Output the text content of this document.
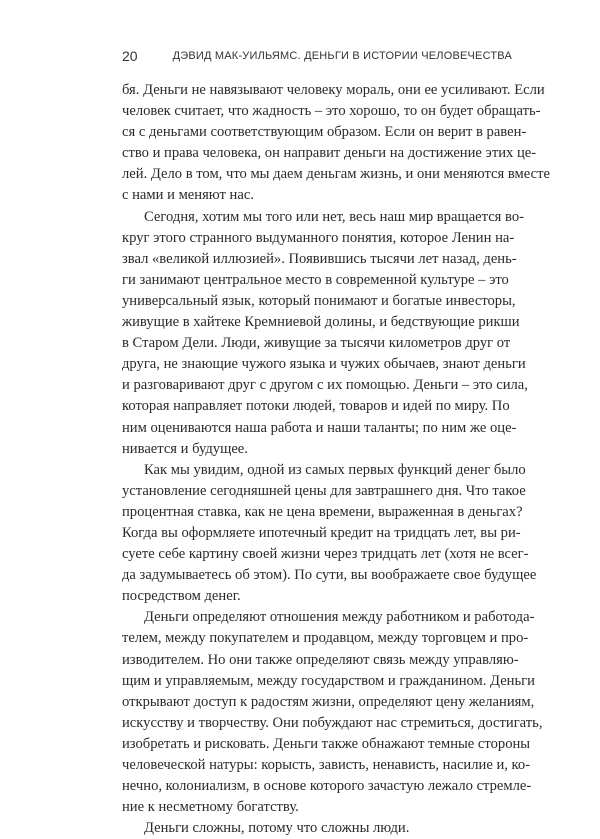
20	ДЭВИД МАК-УИЛЬЯМС. ДЕНЬГИ В ИСТОРИИ ЧЕЛОВЕЧЕСТВА
бя. Деньги не навязывают человеку мораль, они ее усиливают. Если
человек считает, что жадность – это хорошо, то он будет обращать-
ся с деньгами соответствующим образом. Если он верит в равен-
ство и права человека, он направит деньги на достижение этих це-
лей. Дело в том, что мы даем деньгам жизнь, и они меняются вместе
с нами и меняют нас.
Сегодня, хотим мы того или нет, весь наш мир вращается во-
круг этого странного выдуманного понятия, которое Ленин на-
звал «великой иллюзией». Появившись тысячи лет назад, день-
ги занимают центральное место в современной культуре – это
универсальный язык, который понимают и богатые инвесторы,
живущие в хайтеке Кремниевой долины, и бедствующие рикши
в Старом Дели. Люди, живущие за тысячи километров друг от
друга, не знающие чужого языка и чужих обычаев, знают деньги
и разговаривают друг с другом с их помощью. Деньги – это сила,
которая направляет потоки людей, товаров и идей по миру. По
ним оцениваются наша работа и наши таланты; по ним же оце-
нивается и будущее.
Как мы увидим, одной из самых первых функций денег было
установление сегодняшней цены для завтрашнего дня. Что такое
процентная ставка, как не цена времени, выраженная в деньгах?
Когда вы оформляете ипотечный кредит на тридцать лет, вы ри-
суете себе картину своей жизни через тридцать лет (хотя не всег-
да задумываетесь об этом). По сути, вы воображаете свое будущее
посредством денег.
Деньги определяют отношения между работником и работода-
телем, между покупателем и продавцом, между торговцем и про-
изводителем. Но они также определяют связь между управляю-
щим и управляемым, между государством и гражданином. Деньги
открывают доступ к радостям жизни, определяют цену желаниям,
искусству и творчеству. Они побуждают нас стремиться, достигать,
изобретать и рисковать. Деньги также обнажают темные стороны
человеческой натуры: корысть, зависть, ненависть, насилие и, ко-
нечно, колониализм, в основе которого зачастую лежало стремле-
ние к несметному богатству.
Деньги сложны, потому что сложны люди.
